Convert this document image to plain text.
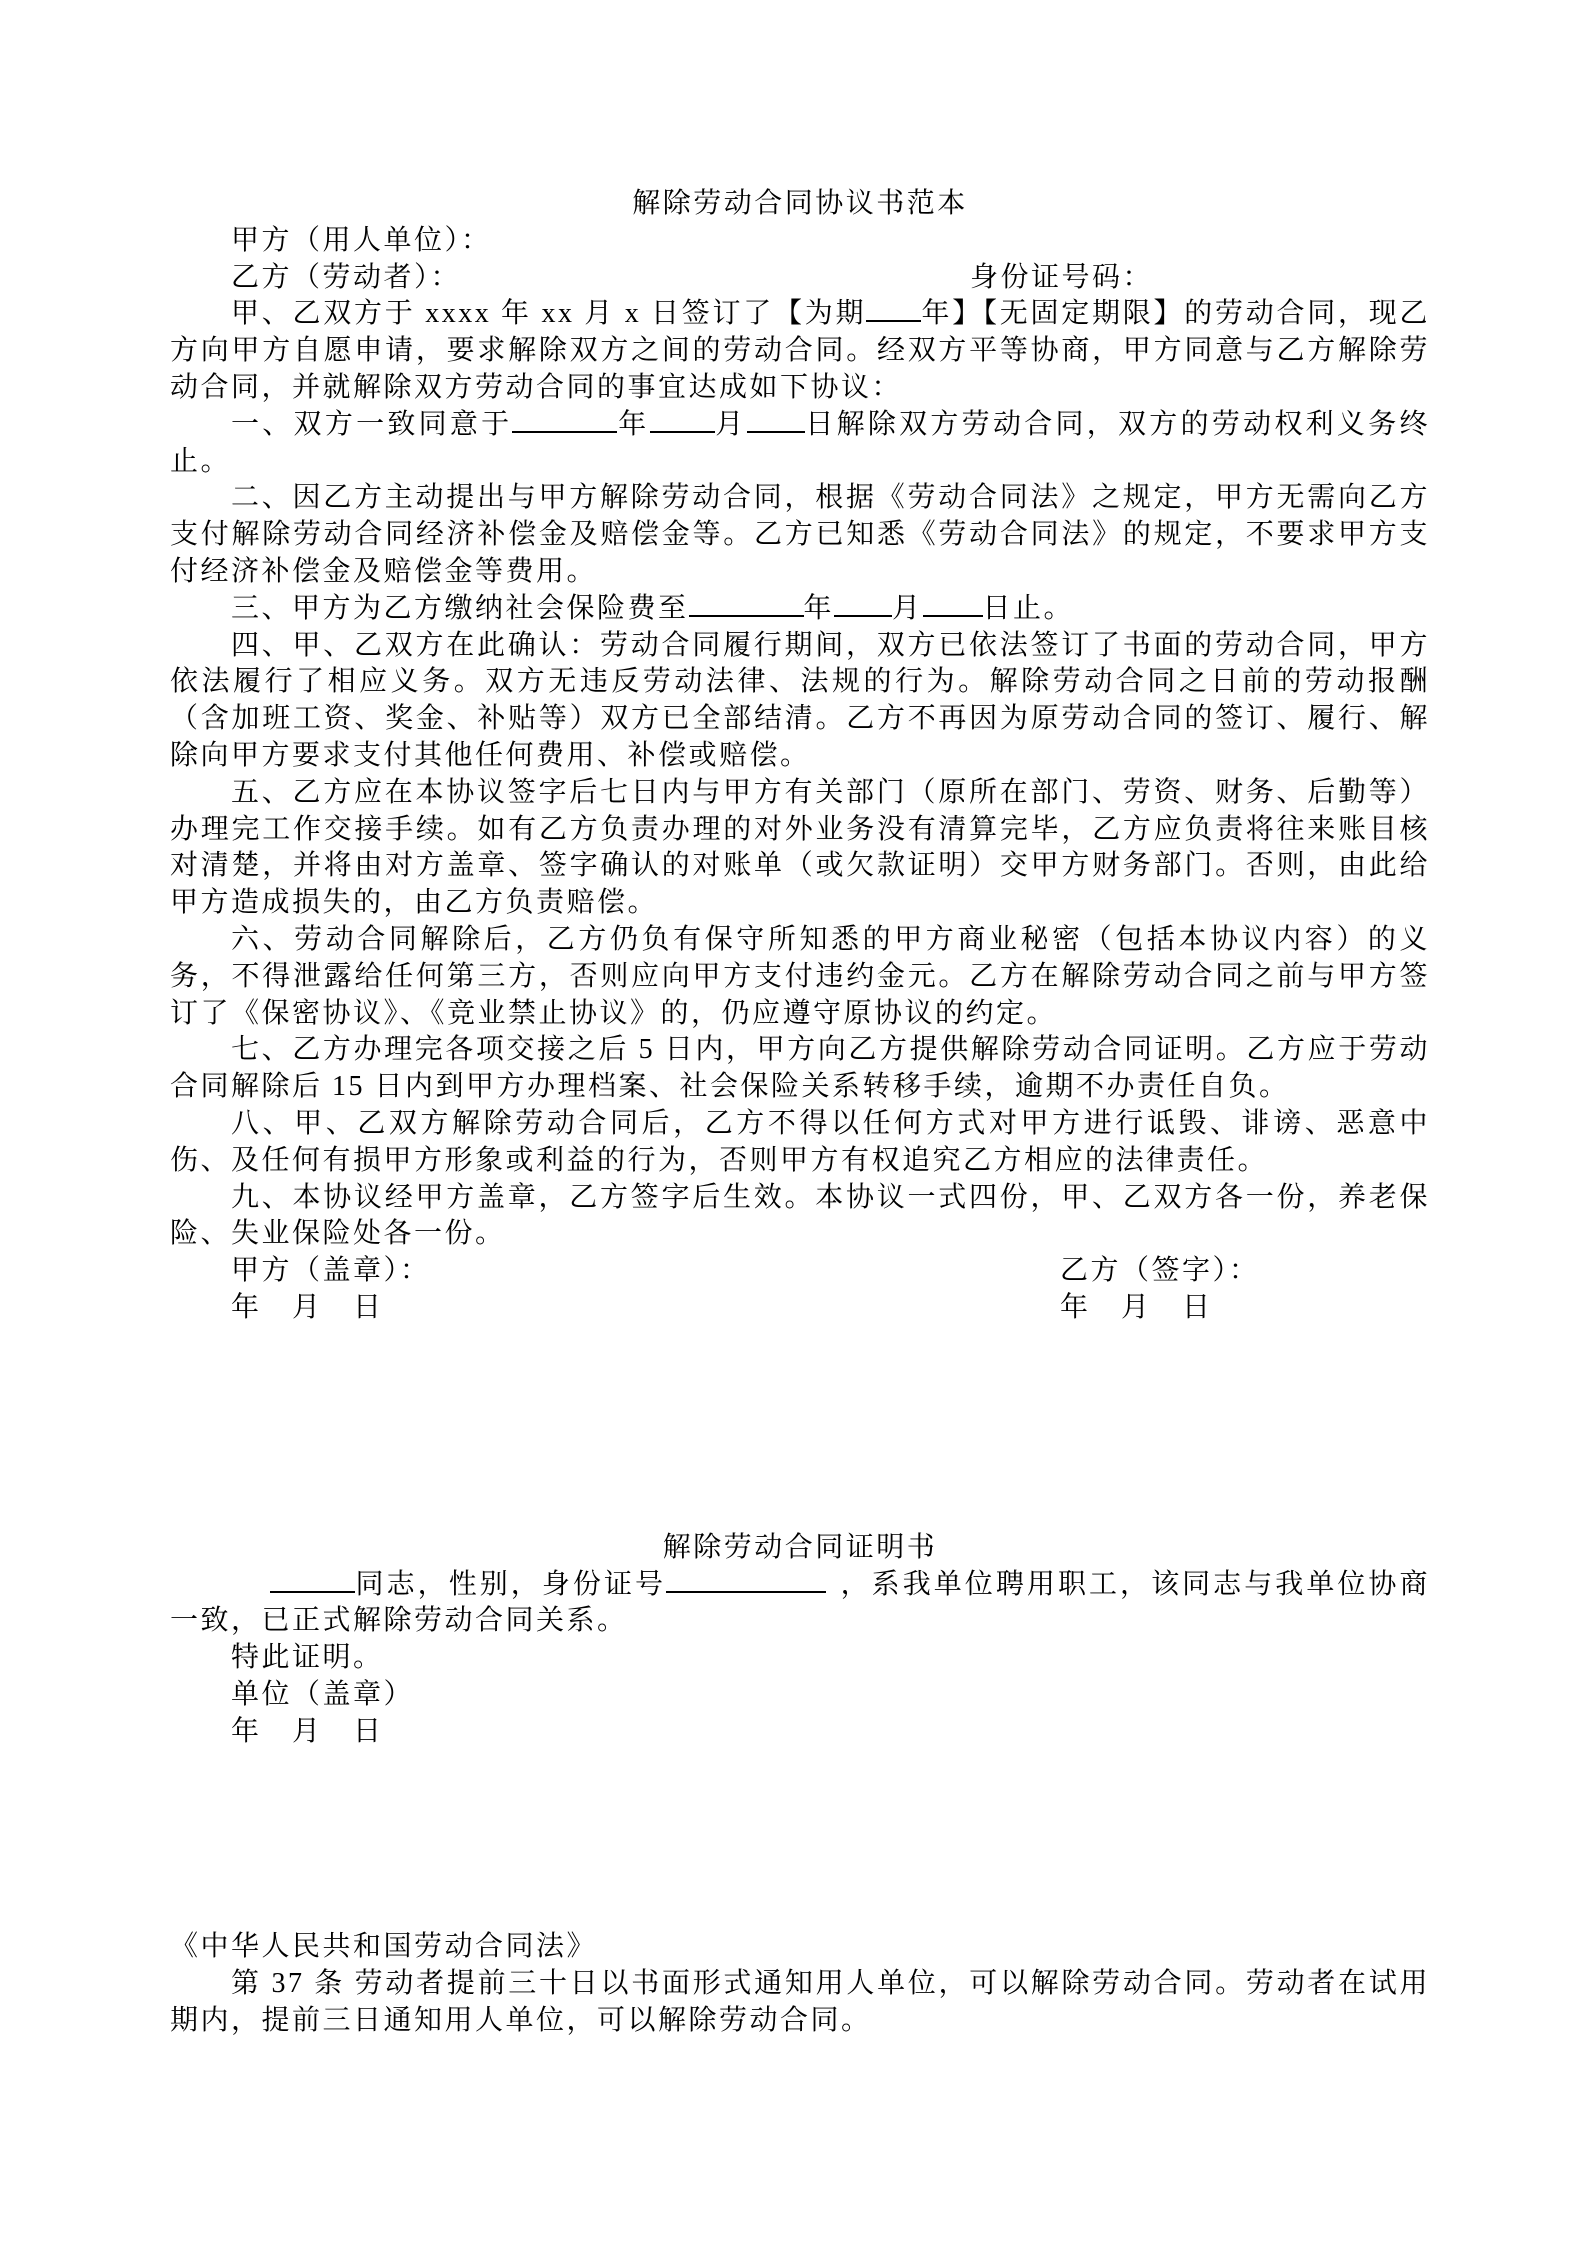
解除劳动合同协议书范本

甲方（用人单位）：

乙方（劳动者）：	身份证号码：

甲、乙双方于 xxxx 年 xx 月 x 日签订了【为期 年】【无固定期限】的劳动合同，现乙方向甲方自愿申请，要求解除双方之间的劳动合同。经双方平等协商，甲方同意与乙方解除劳动合同，并就解除双方劳动合同的事宜达成如下协议：

一、双方一致同意于	年 月 日解除双方劳动合同，双方的劳动权利义务终止。

二、因乙方主动提出与甲方解除劳动合同，根据《劳动合同法》之规定，甲方无需向乙方支付解除劳动合同经济补偿金及赔偿金等。乙方已知悉《劳动合同法》的规定，不要求甲方支付经济补偿金及赔偿金等费用。

三、甲方为乙方缴纳社会保险费至	年 月 日止。

四、甲、乙双方在此确认：劳动合同履行期间，双方已依法签订了书面的劳动合同，甲方依法履行了相应义务。双方无违反劳动法律、法规的行为。解除劳动合同之日前的劳动报酬（含加班工资、奖金、补贴等）双方已全部结清。乙方不再因为原劳动合同的签订、履行、解除向甲方要求支付其他任何费用、补偿或赔偿。

五、乙方应在本协议签字后七日内与甲方有关部门（原所在部门、劳资、财务、后勤等）办理完工作交接手续。如有乙方负责办理的对外业务没有清算完毕，乙方应负责将往来账目核对清楚，并将由对方盖章、签字确认的对账单（或欠款证明）交甲方财务部门。否则，由此给甲方造成损失的，由乙方负责赔偿。

六、劳动合同解除后，乙方仍负有保守所知悉的甲方商业秘密（包括本协议内容）的义务，不得泄露给任何第三方，否则应向甲方支付违约金元。乙方在解除劳动合同之前与甲方签订了《保密协议》、《竞业禁止协议》的，仍应遵守原协议的约定。

七、乙方办理完各项交接之后 5 日内，甲方向乙方提供解除劳动合同证明。乙方应于劳动合同解除后 15 日内到甲方办理档案、社会保险关系转移手续，逾期不办责任自负。

八、甲、乙双方解除劳动合同后，乙方不得以任何方式对甲方进行诋毁、诽谤、恶意中伤、及任何有损甲方形象或利益的行为，否则甲方有权追究乙方相应的法律责任。

九、本协议经甲方盖章，乙方签字后生效。本协议一式四份，甲、乙双方各一份，养老保险、失业保险处各一份。

甲方（盖章）：	乙方（签字）：

年　月　日	年　月　日

解除劳动合同证明书

同志，性别，身份证号	，系我单位聘用职工，该同志与我单位协商一致，已正式解除劳动合同关系。

特此证明。

单位（盖章）

年　月　日

《中华人民共和国劳动合同法》

第 37 条 劳动者提前三十日以书面形式通知用人单位，可以解除劳动合同。劳动者在试用期内，提前三日通知用人单位，可以解除劳动合同。
